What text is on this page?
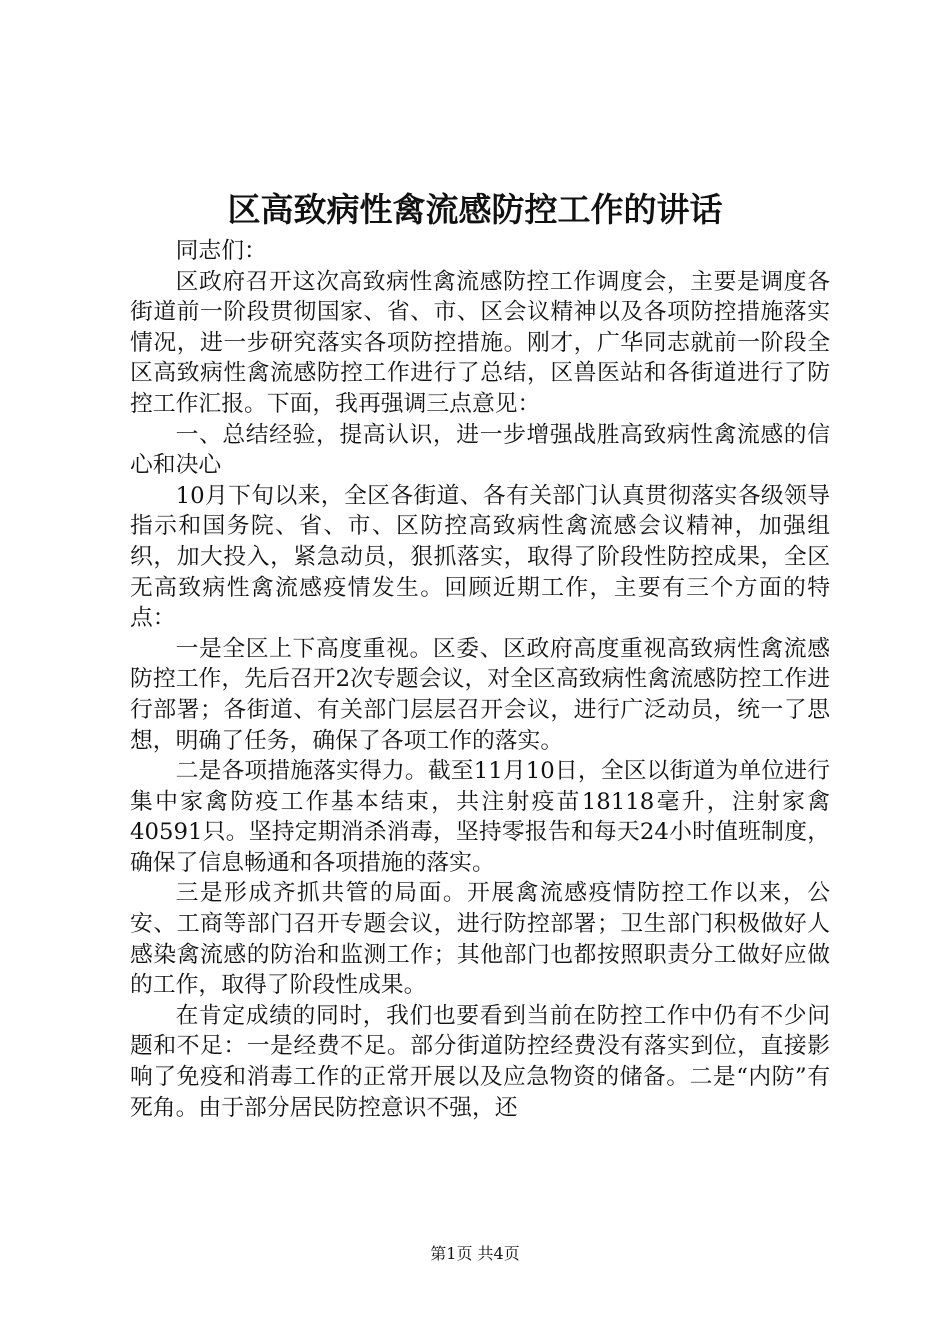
区高致病性禽流感防控工作的讲话

同志们：

区政府召开这次高致病性禽流感防控工作调度会，主要是调度各街道前一阶段贯彻国家、省、市、区会议精神以及各项防控措施落实情况，进一步研究落实各项防控措施。刚才，广华同志就前一阶段全区高致病性禽流感防控工作进行了总结，区兽医站和各街道进行了防控工作汇报。下面，我再强调三点意见：

一、总结经验，提高认识，进一步增强战胜高致病性禽流感的信心和决心

10月下旬以来，全区各街道、各有关部门认真贯彻落实各级领导指示和国务院、省、市、区防控高致病性禽流感会议精神，加强组织，加大投入，紧急动员，狠抓落实，取得了阶段性防控成果，全区无高致病性禽流感疫情发生。回顾近期工作，主要有三个方面的特点：

一是全区上下高度重视。区委、区政府高度重视高致病性禽流感防控工作，先后召开2次专题会议，对全区高致病性禽流感防控工作进行部署；各街道、有关部门层层召开会议，进行广泛动员，统一了思想，明确了任务，确保了各项工作的落实。

二是各项措施落实得力。截至11月10日，全区以街道为单位进行集中家禽防疫工作基本结束，共注射疫苗18118毫升，注射家禽40591只。坚持定期消杀消毒，坚持零报告和每天24小时值班制度，确保了信息畅通和各项措施的落实。

三是形成齐抓共管的局面。开展禽流感疫情防控工作以来，公安、工商等部门召开专题会议，进行防控部署；卫生部门积极做好人感染禽流感的防治和监测工作；其他部门也都按照职责分工做好应做的工作，取得了阶段性成果。

在肯定成绩的同时，我们也要看到当前在防控工作中仍有不少问题和不足：一是经费不足。部分街道防控经费没有落实到位，直接影响了免疫和消毒工作的正常开展以及应急物资的储备。二是“内防”有死角。由于部分居民防控意识不强，还

第1页 共4页
